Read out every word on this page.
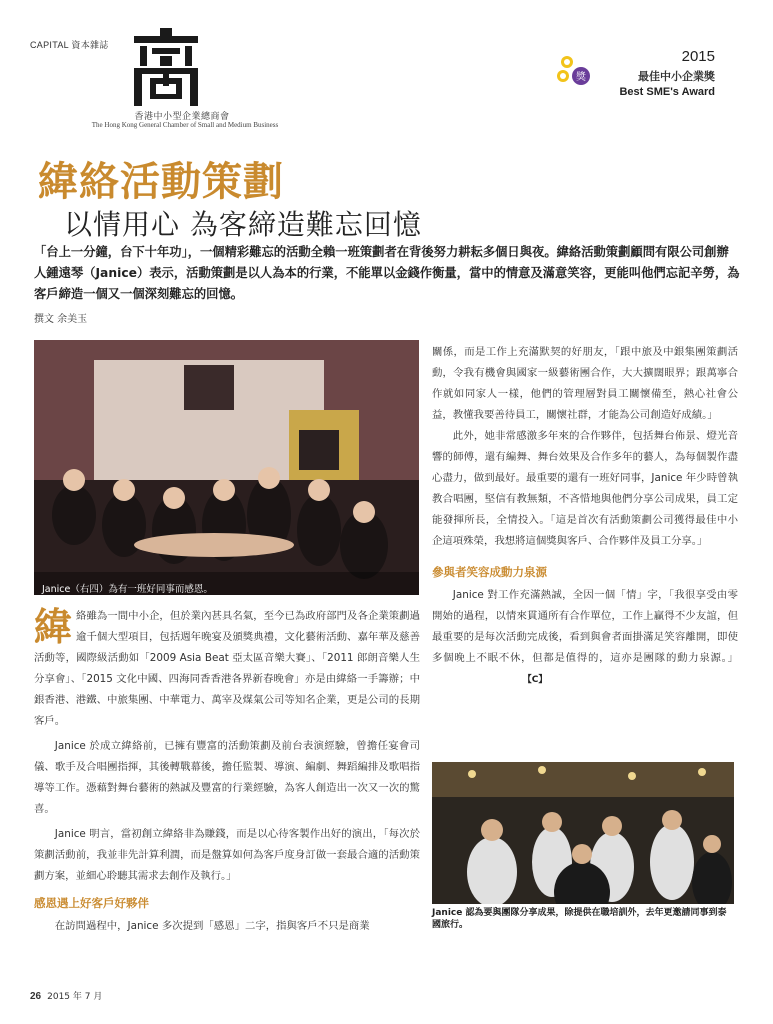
CAPITAL 資本雜誌
香港中小型企業總商會
The Hong Kong General Chamber of Small and Medium Business
獎
2015
最佳中小企業獎
Best SME's Award
緯絡活動策劃
以情用心 為客締造難忘回憶
「台上一分鐘，台下十年功」，一個精彩難忘的活動全賴一班策劃者在背後努力耕耘多個日與夜。緯絡活動策劃顧問有限公司創辦人鍾遠琴（Janice）表示，活動策劃是以人為本的行業，不能單以金錢作衡量，當中的情意及滿意笑容，更能叫他們忘記辛勞，為客戶締造一個又一個深刻難忘的回憶。
撰文 余美玉
Janice（右四）為有一班好同事而感恩。

緯絡雖為一間中小企，但於業內甚具名氣，至今已為政府部門及各企業策劃過逾千個大型項目，包括週年晚宴及頒獎典禮，文化藝術活動、嘉年華及慈善活動等，國際級活動如「2009 Asia Beat 亞太區音樂大賽」、「2011 郎朗音樂人生分享會」、「2015 文化中國、四海同香香港各界新春晚會」亦是由緯絡一手籌辦；中銀香港、港鐵、中旅集團、中華電力、萬宰及煤氣公司等知名企業，更是公司的長期客戶。

Janice 於成立緯絡前，已擁有豐富的活動策劃及前台表演經驗，曾擔任宴會司儀、歌手及合唱團指揮，其後轉戰幕後，擔任監製、導演、編劇、舞蹈編排及歌唱指導等工作。憑藉對舞台藝術的熱誠及豐富的行業經驗，為客人創造出一次又一次的驚喜。

Janice 明言，當初創立緯絡非為賺錢，而是以心待客製作出好的演出，「每次於策劃活動前，我並非先計算利潤，而是盤算如何為客戶度身訂做一套最合適的活動策劃方案，並細心聆聽其需求去創作及執行。」

感恩遇上好客戶好夥伴

在訪問過程中，Janice 多次提到「感恩」二字，指與客戶不只是商業

關係，而是工作上充滿默契的好朋友，「跟中旅及中銀集團策劃活動，令我有機會與國家一級藝術團合作，大大擴闊眼界；跟萬寧合作就如同家人一樣，他們的管理層對員工關懷備至，熱心社會公益，教懂我要善待員工，關懷社群，才能為公司創造好成績。」

此外，她非常感激多年來的合作夥伴，包括舞台佈景、燈光音響的師傅，還有編舞、舞台效果及合作多年的藝人，為每個製作盡心盡力，做到最好。最重要的還有一班好同事，Janice 年少時曾執教合唱團，堅信有教無類，不吝惜地與他們分享公司成果，員工定能發揮所長，全情投入。「這是首次有活動策劃公司獲得最佳中小企這項殊榮，我想將這個獎與客戶、合作夥伴及員工分享。」

參與者笑容成動力泉源

Janice 對工作充滿熱誠，全因一個「情」字，「我很享受由零開始的過程，以情來貫通所有合作單位，工作上贏得不少友誼，但最重要的是每次活動完成後，看到與會者面掛滿足笑容離開，即使多個晚上不眠不休，但都是值得的，這亦是團隊的動力泉源。」【C】

Janice 認為要與團隊分享成果，除提供在職培訓外，去年更邀請同事到泰國旅行。
26 2015 年 7 月
